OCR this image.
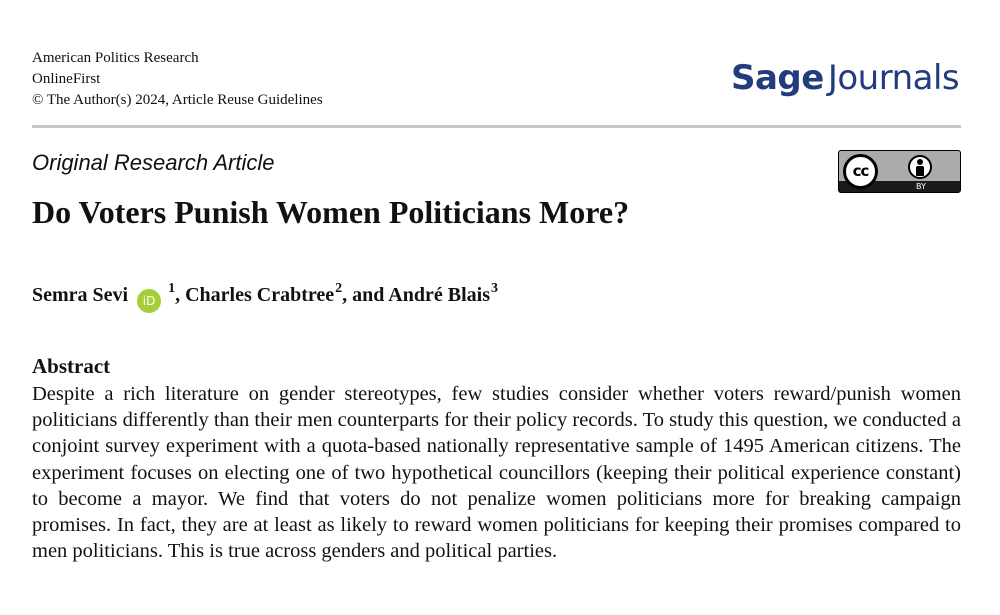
American Politics Research
OnlineFirst
© The Author(s) 2024, Article Reuse Guidelines
Sage Journals
Original Research Article	cc
BY
Do Voters Punish Women Politicians More?
Semra Sevi $iD^1$, Charles Crabtree$^2$, and André Blais$^3$
Abstract
Despite a rich literature on gender stereotypes, few studies consider whether voters reward/punish women politicians differently than their men counterparts for their policy records. To study this question, we conducted a conjoint survey experiment with a quota-based nationally representative sample of 1495 American citizens. The experiment focuses on electing one of two hypothetical councillors (keeping their political experience constant) to become a mayor. We find that voters do not penalize women politicians more for breaking campaign promises. In fact, they are at least as likely to reward women politicians for keeping their promises compared to men politicians. This is true across genders and political parties.
